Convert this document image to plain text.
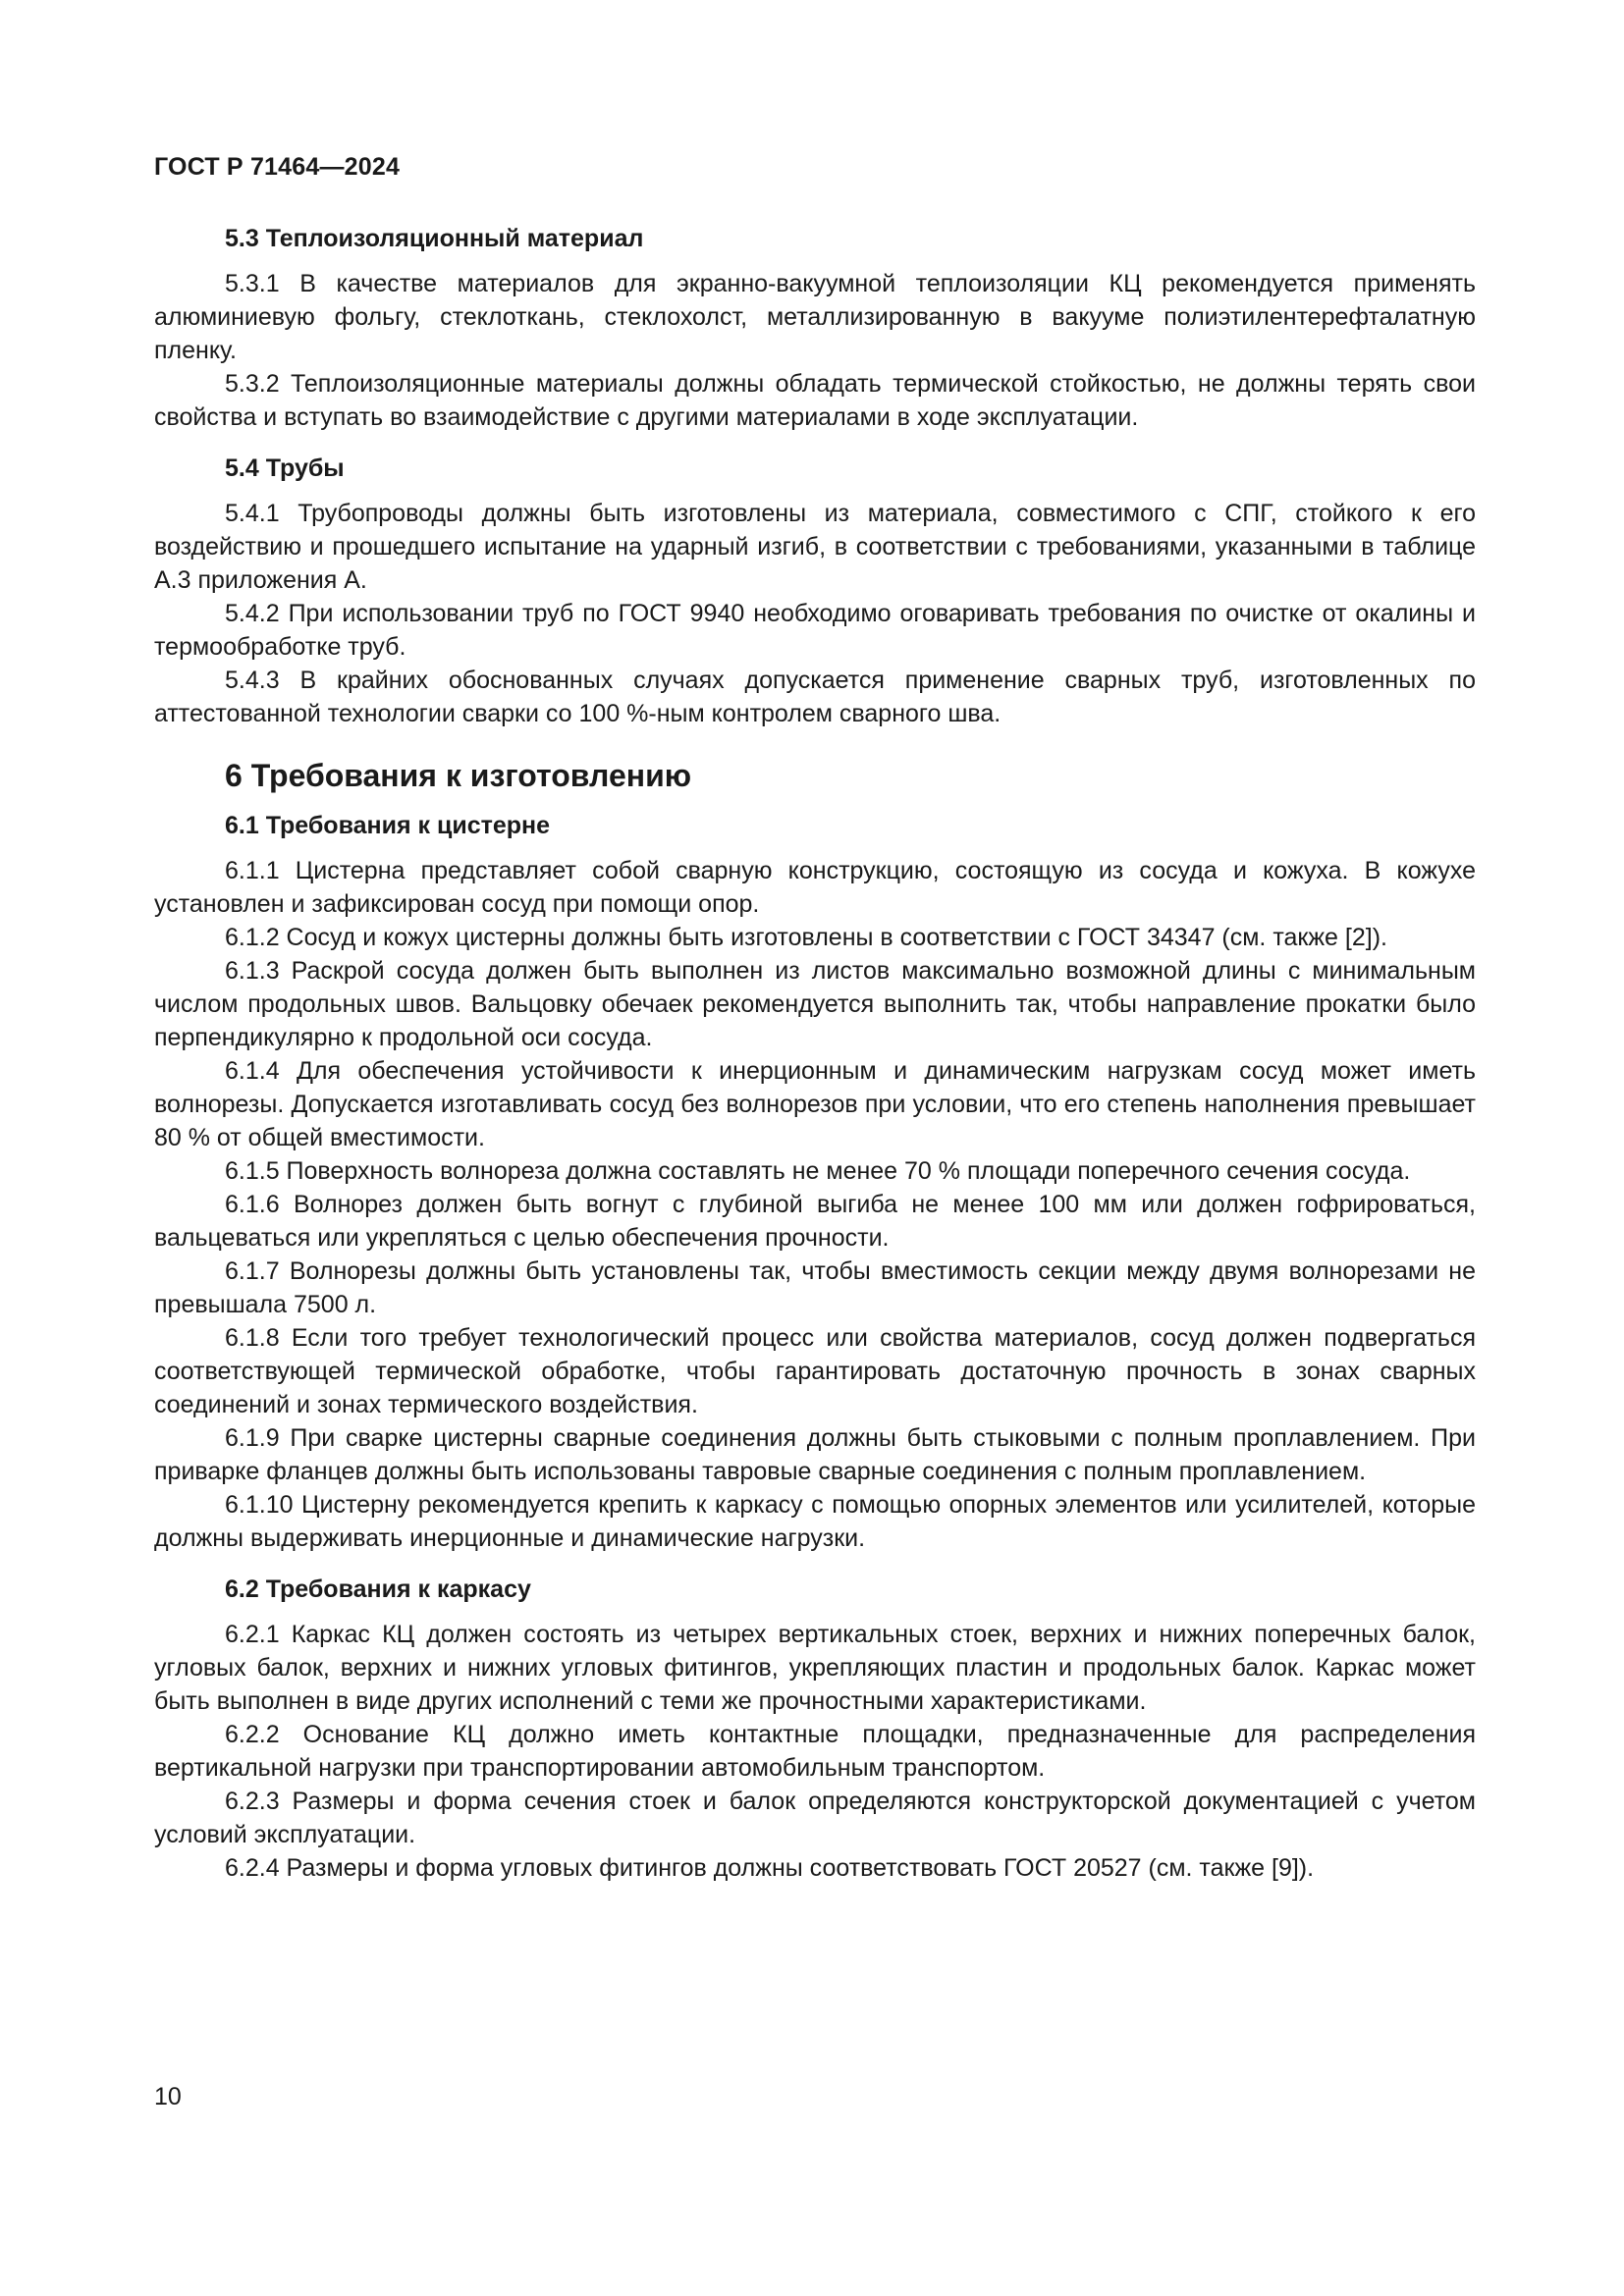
ГОСТ Р 71464—2024
5.3 Теплоизоляционный материал

5.3.1 В качестве материалов для экранно-вакуумной теплоизоляции КЦ рекомендуется применять алюминиевую фольгу, стеклоткань, стеклохолст, металлизированную в вакууме полиэтилентерефталатную пленку.

5.3.2 Теплоизоляционные материалы должны обладать термической стойкостью, не должны терять свои свойства и вступать во взаимодействие с другими материалами в ходе эксплуатации.

5.4 Трубы

5.4.1 Трубопроводы должны быть изготовлены из материала, совместимого с СПГ, стойкого к его воздействию и прошедшего испытание на ударный изгиб, в соответствии с требованиями, указанными в таблице А.3 приложения А.

5.4.2 При использовании труб по ГОСТ 9940 необходимо оговаривать требования по очистке от окалины и термообработке труб.

5.4.3 В крайних обоснованных случаях допускается применение сварных труб, изготовленных по аттестованной технологии сварки со 100 %-ным контролем сварного шва.

6 Требования к изготовлению
6.1 Требования к цистерне

6.1.1 Цистерна представляет собой сварную конструкцию, состоящую из сосуда и кожуха. В кожухе установлен и зафиксирован сосуд при помощи опор.

6.1.2 Сосуд и кожух цистерны должны быть изготовлены в соответствии с ГОСТ 34347 (см. также [2]).

6.1.3 Раскрой сосуда должен быть выполнен из листов максимально возможной длины с минимальным числом продольных швов. Вальцовку обечаек рекомендуется выполнить так, чтобы направление прокатки было перпендикулярно к продольной оси сосуда.

6.1.4 Для обеспечения устойчивости к инерционным и динамическим нагрузкам сосуд может иметь волнорезы. Допускается изготавливать сосуд без волнорезов при условии, что его степень наполнения превышает 80 % от общей вместимости.

6.1.5 Поверхность волнореза должна составлять не менее 70 % площади поперечного сечения сосуда.

6.1.6 Волнорез должен быть вогнут с глубиной выгиба не менее 100 мм или должен гофрироваться, вальцеваться или укрепляться с целью обеспечения прочности.

6.1.7 Волнорезы должны быть установлены так, чтобы вместимость секции между двумя волнорезами не превышала 7500 л.

6.1.8 Если того требует технологический процесс или свойства материалов, сосуд должен подвергаться соответствующей термической обработке, чтобы гарантировать достаточную прочность в зонах сварных соединений и зонах термического воздействия.

6.1.9 При сварке цистерны сварные соединения должны быть стыковыми с полным проплавлением. При приварке фланцев должны быть использованы тавровые сварные соединения с полным проплавлением.

6.1.10 Цистерну рекомендуется крепить к каркасу с помощью опорных элементов или усилителей, которые должны выдерживать инерционные и динамические нагрузки.

6.2 Требования к каркасу

6.2.1 Каркас КЦ должен состоять из четырех вертикальных стоек, верхних и нижних поперечных балок, угловых балок, верхних и нижних угловых фитингов, укрепляющих пластин и продольных балок. Каркас может быть выполнен в виде других исполнений с теми же прочностными характеристиками.

6.2.2 Основание КЦ должно иметь контактные площадки, предназначенные для распределения вертикальной нагрузки при транспортировании автомобильным транспортом.

6.2.3 Размеры и форма сечения стоек и балок определяются конструкторской документацией с учетом условий эксплуатации.

6.2.4 Размеры и форма угловых фитингов должны соответствовать ГОСТ 20527 (см. также [9]).

10
